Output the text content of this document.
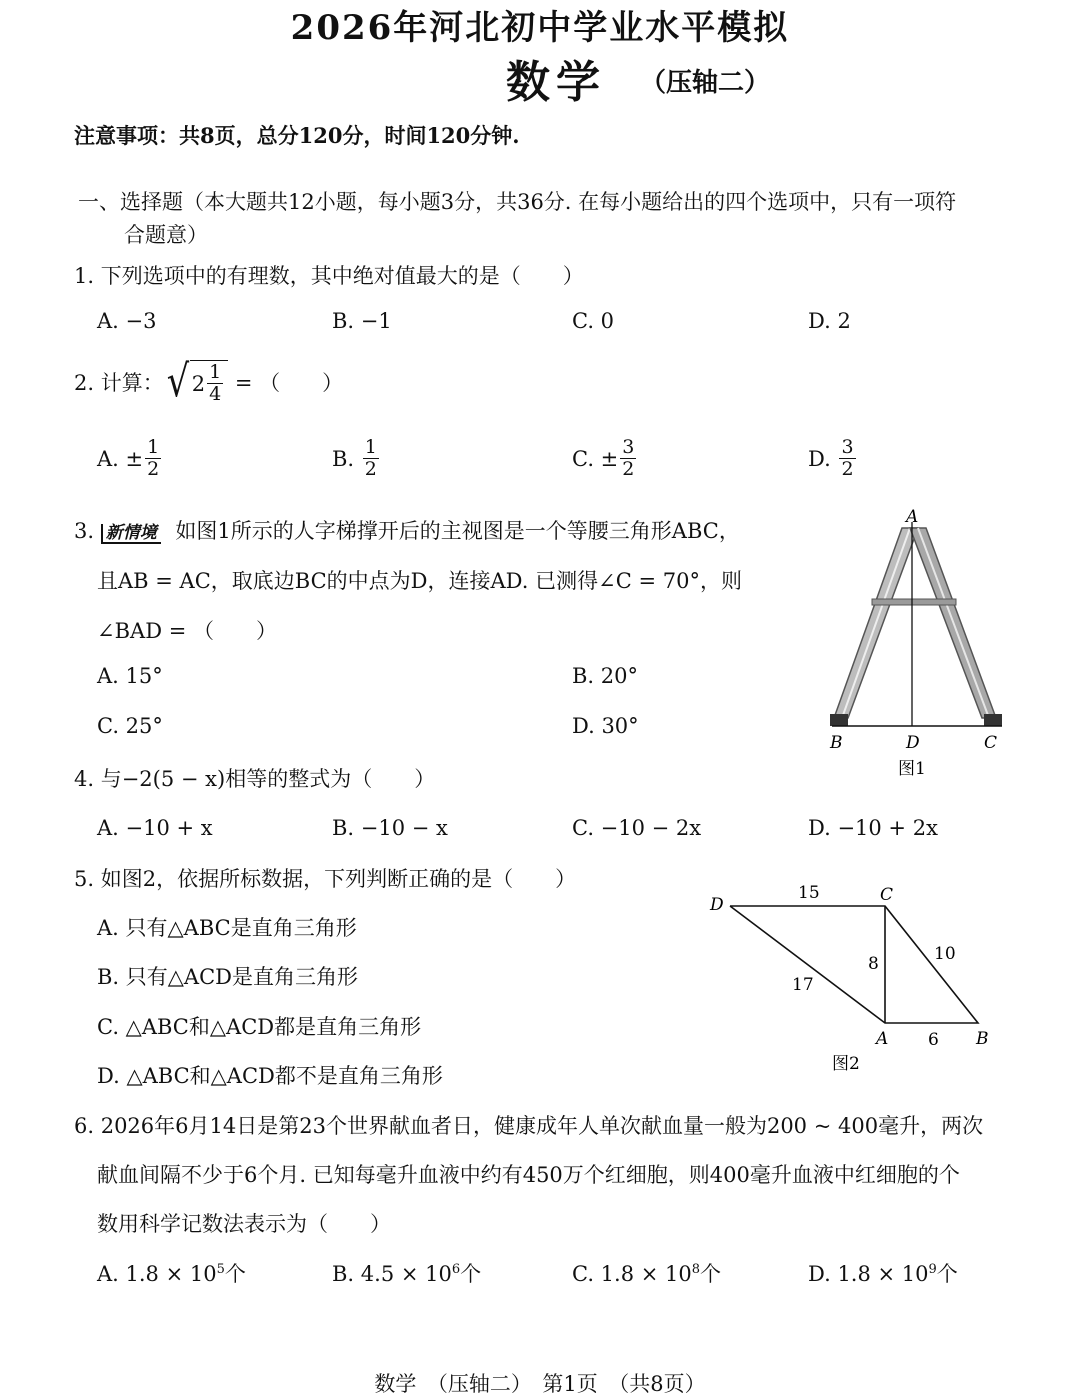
2026年河北初中学业水平模拟
数学 （压轴二）
注意事项：共8页，总分120分，时间120分钟.
一、选择题（本大题共12小题，每小题3分，共36分. 在每小题给出的四个选项中，只有一项符
合题意）
1. 下列选项中的有理数，其中绝对值最大的是（　　）
A. −3	B. −1	C. 0	D. 2
2. 计算： √ $2 \frac{1}{4}$ = （　　）
A. ± $\frac{1}{2}$	B. $\frac{1}{2}$	C. ± $\frac{3}{2}$	D. $\frac{3}{2}$
3. 新情境 如图1所示的人字梯撑开后的主视图是一个等腰三角形ABC，
且AB = AC，取底边BC的中点为D，连接AD. 已测得∠C = 70°，则
∠BAD = （　　）
A. 15°	B. 20°
C. 25°	D. 30°
A
B	D	C
图1
4. 与−2(5 − x)相等的整式为（　　）
A. −10 + x	B. −10 − x	C. −10 − 2x	D. −10 + 2x
5. 如图2，依据所标数据，下列判断正确的是（　　）
A. 只有△ABC是直角三角形
B. 只有△ACD是直角三角形
C. △ABC和△ACD都是直角三角形
D. △ABC和△ACD都不是直角三角形
D	C
A	B
15
8	10
17
6
图2
6. 2026年6月14日是第23个世界献血者日，健康成年人单次献血量一般为200 ~ 400毫升，两次
献血间隔不少于6个月. 已知每毫升血液中约有450万个红细胞，则400毫升血液中红细胞的个
数用科学记数法表示为（　　）
A. $1.8 \times 10^5$个	B. $4.5 \times 10^6$个	C. $1.8 \times 10^8$个	D. $1.8 \times 10^9$个
数学　（压轴二）　第1页　（共8页）
